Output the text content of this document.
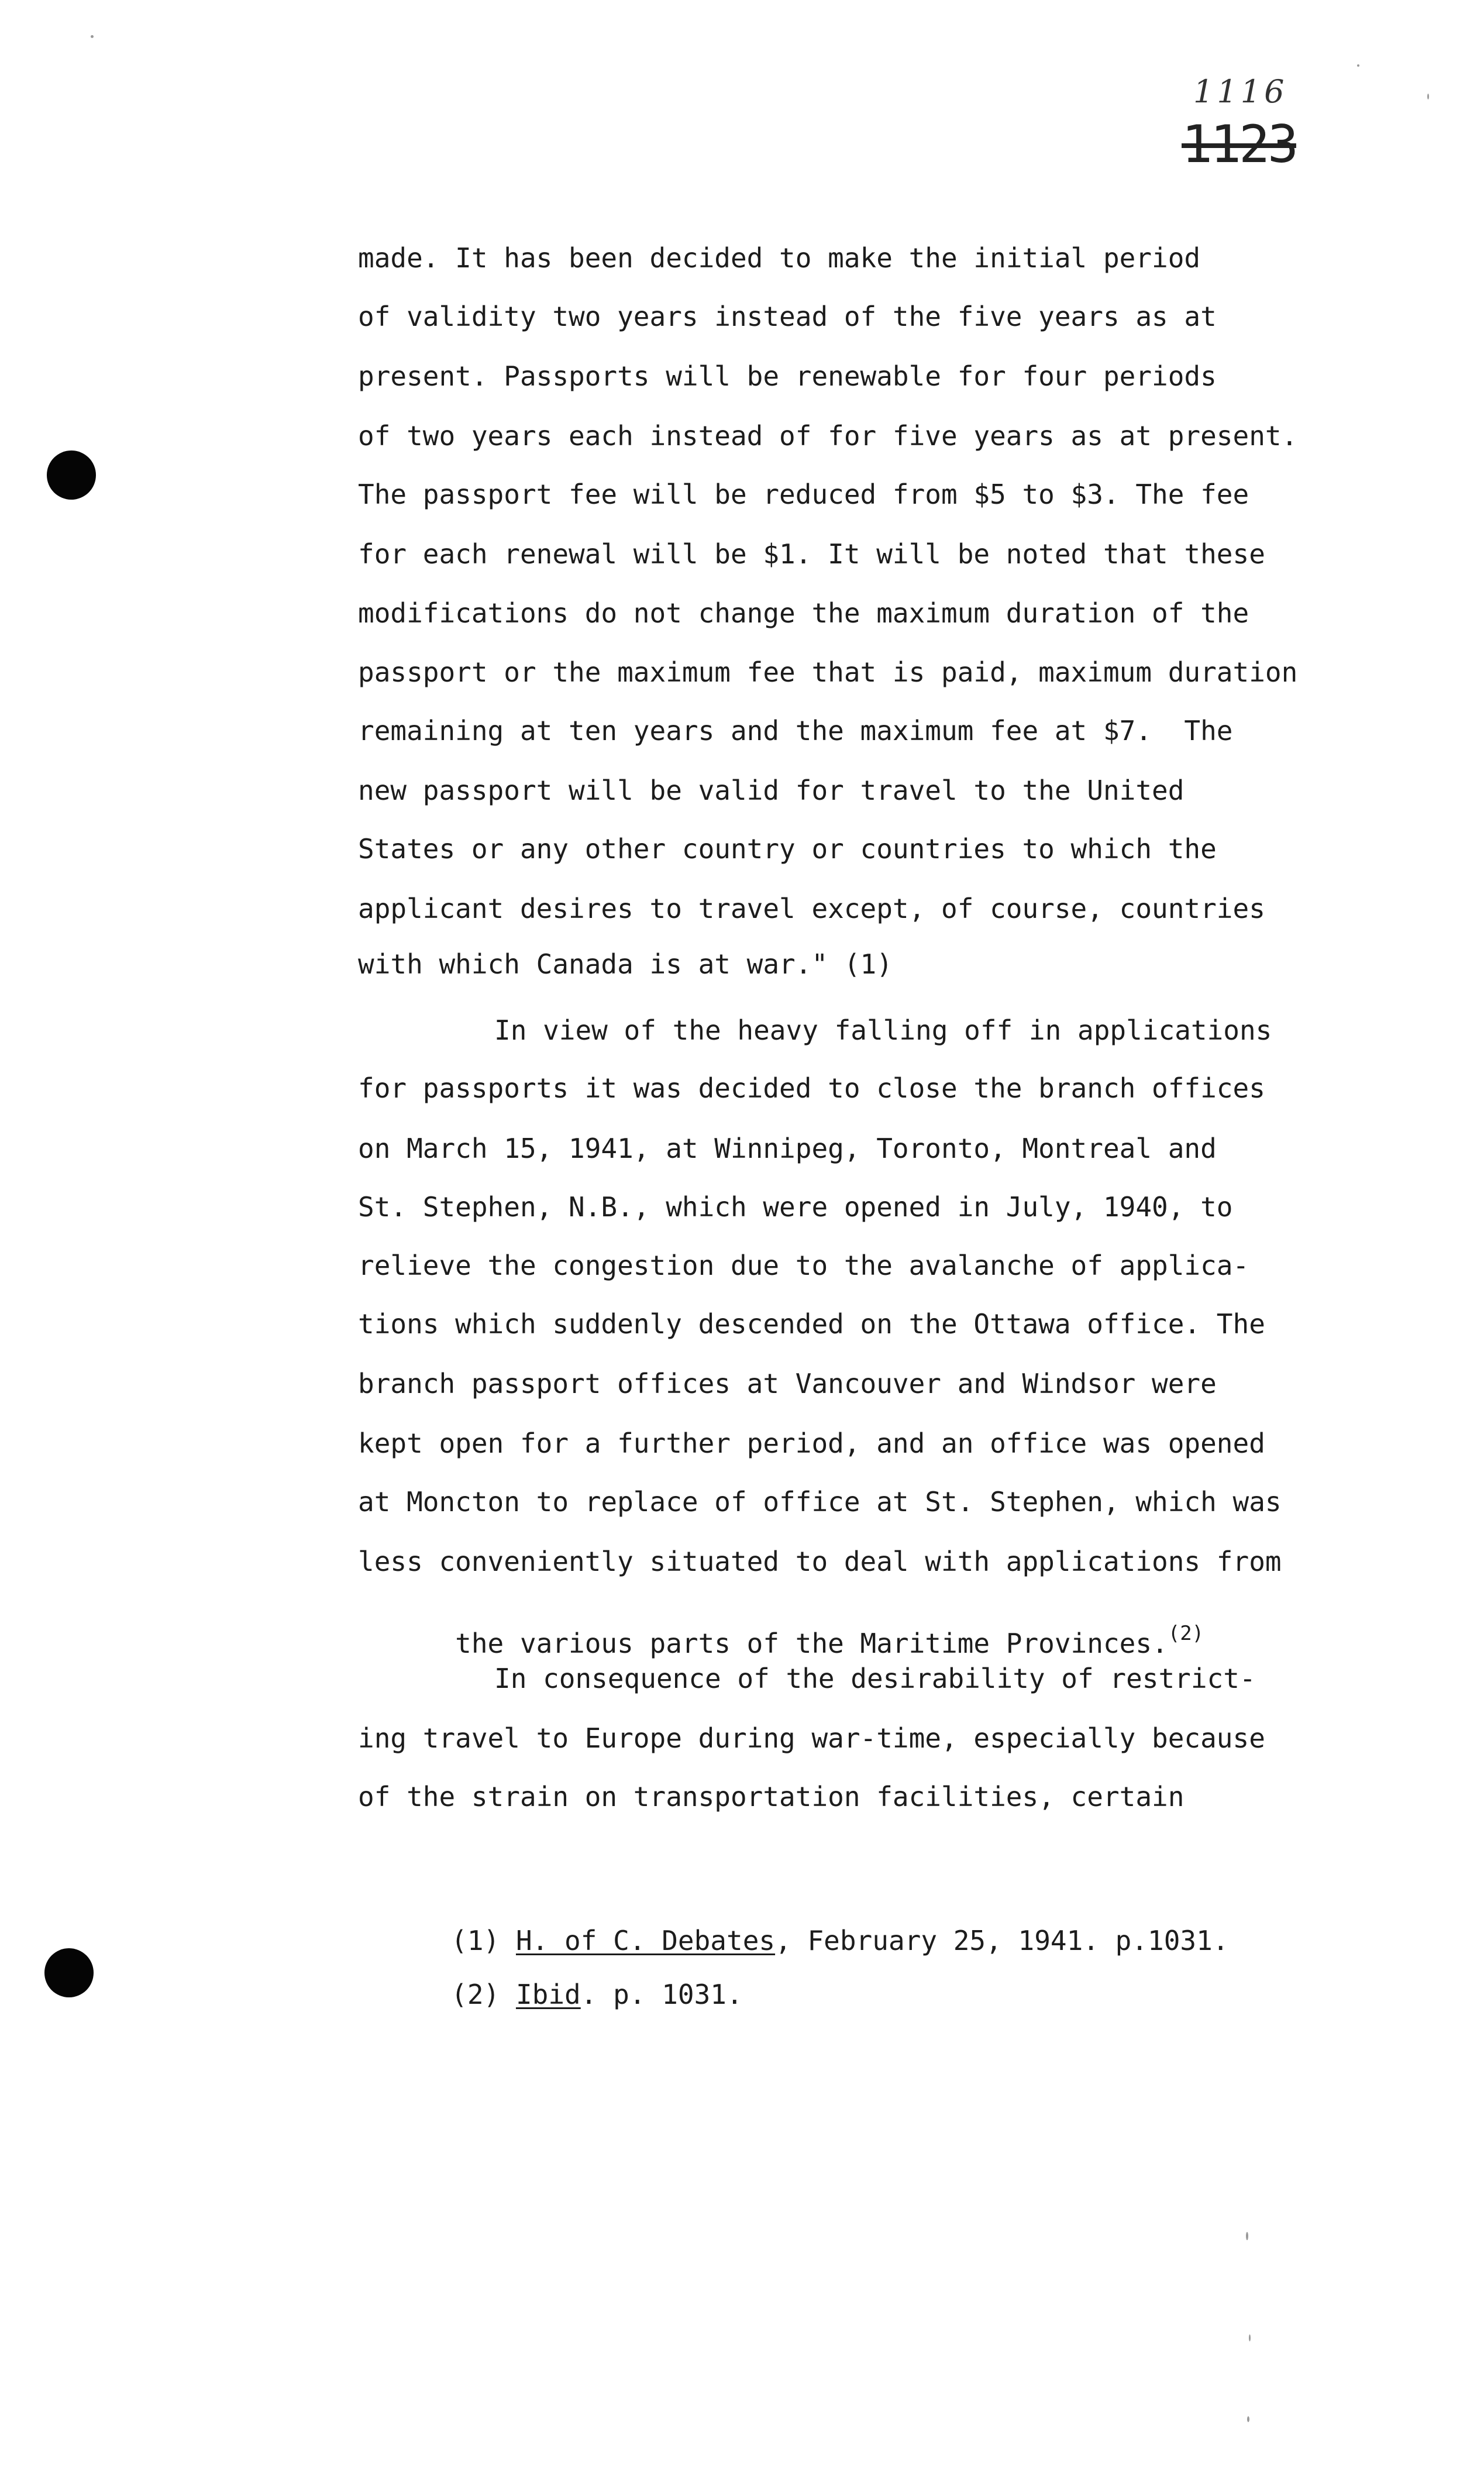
1123
1116
made. It has been decided to make the initial period
of validity two years instead of the five years as at
present. Passports will be renewable for four periods
of two years each instead of for five years as at present.
The passport fee will be reduced from $5 to $3. The fee
for each renewal will be $1. It will be noted that these
modifications do not change the maximum duration of the
passport or the maximum fee that is paid, maximum duration
remaining at ten years and the maximum fee at $7.  The
new passport will be valid for travel to the United
States or any other country or countries to which the
applicant desires to travel except, of course, countries
with which Canada is at war." (1)
In view of the heavy falling off in applications
for passports it was decided to close the branch offices
on March 15, 1941, at Winnipeg, Toronto, Montreal and
St. Stephen, N.B., which were opened in July, 1940, to
relieve the congestion due to the avalanche of applica-
tions which suddenly descended on the Ottawa office. The
branch passport offices at Vancouver and Windsor were
kept open for a further period, and an office was opened
at Moncton to replace of office at St. Stephen, which was
less conveniently situated to deal with applications from

the various parts of the Maritime Provinces.$^{(2)}$

In consequence of the desirability of restrict-
ing travel to Europe during war-time, especially because
of the strain on transportation facilities, certain

(1) H. of C. Debates, February 25, 1941. p.1031.

(2) Ibid. p. 1031.
